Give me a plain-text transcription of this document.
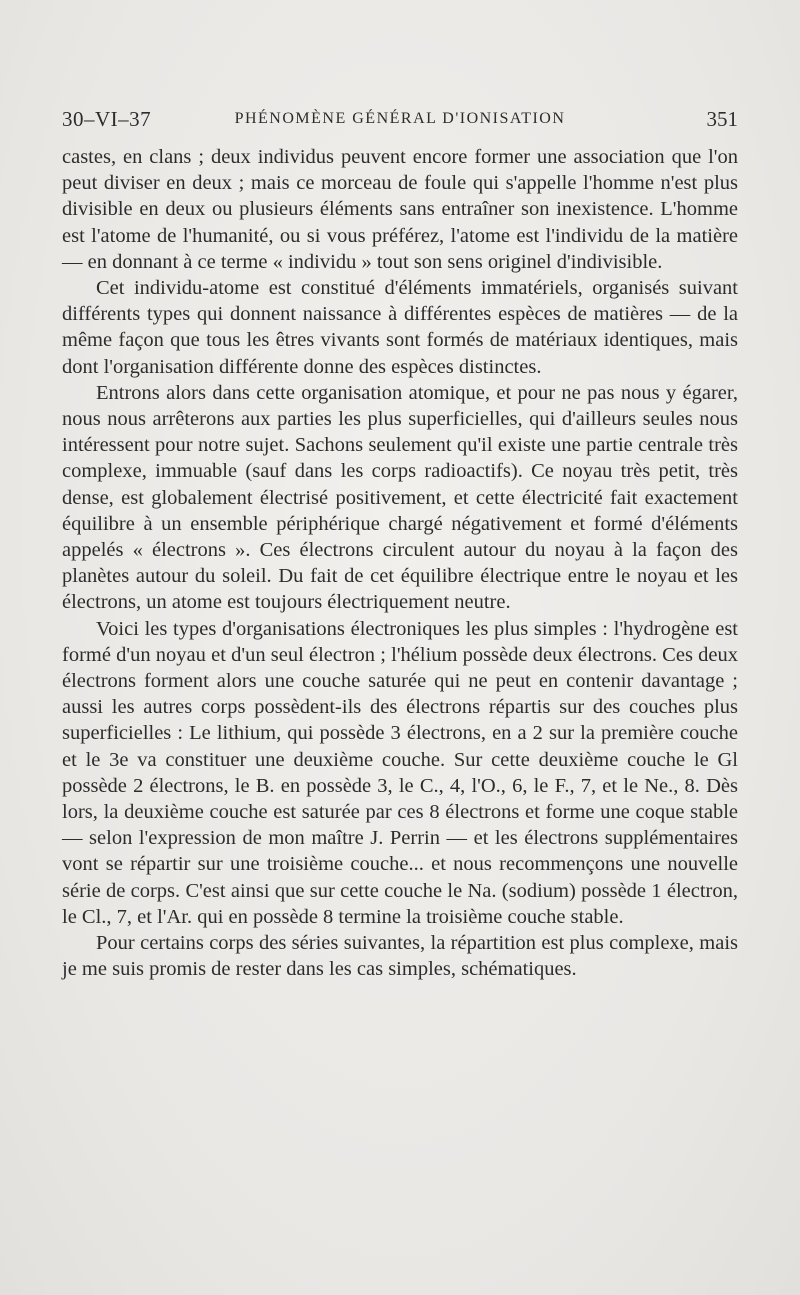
30–VI–37	PHÉNOMÈNE GÉNÉRAL D'IONISATION	351

castes, en clans ; deux individus peuvent encore former une association que l'on peut diviser en deux ; mais ce morceau de foule qui s'appelle l'homme n'est plus divisible en deux ou plusieurs éléments sans entraîner son inexistence. L'homme est l'atome de l'humanité, ou si vous préférez, l'atome est l'individu de la matière — en donnant à ce terme « individu » tout son sens originel d'indivisible.

Cet individu-atome est constitué d'éléments immatériels, organisés suivant différents types qui donnent naissance à différentes espèces de matières — de la même façon que tous les êtres vivants sont formés de matériaux identiques, mais dont l'organisation différente donne des espèces distinctes.

Entrons alors dans cette organisation atomique, et pour ne pas nous y égarer, nous nous arrêterons aux parties les plus superficielles, qui d'ailleurs seules nous intéressent pour notre sujet. Sachons seulement qu'il existe une partie centrale très complexe, immuable (sauf dans les corps radioactifs). Ce noyau très petit, très dense, est globalement électrisé positivement, et cette électricité fait exactement équilibre à un ensemble périphérique chargé négativement et formé d'éléments appelés « électrons ». Ces électrons circulent autour du noyau à la façon des planètes autour du soleil. Du fait de cet équilibre électrique entre le noyau et les électrons, un atome est toujours électriquement neutre.

Voici les types d'organisations électroniques les plus simples : l'hydrogène est formé d'un noyau et d'un seul électron ; l'hélium possède deux électrons. Ces deux électrons forment alors une couche saturée qui ne peut en contenir davantage ; aussi les autres corps possèdent-ils des électrons répartis sur des couches plus superficielles : Le lithium, qui possède 3 électrons, en a 2 sur la première couche et le 3e va constituer une deuxième couche. Sur cette deuxième couche le Gl possède 2 électrons, le B. en possède 3, le C., 4, l'O., 6, le F., 7, et le Ne., 8. Dès lors, la deuxième couche est saturée par ces 8 électrons et forme une coque stable — selon l'expression de mon maître J. Perrin — et les électrons supplémentaires vont se répartir sur une troisième couche... et nous recommençons une nouvelle série de corps. C'est ainsi que sur cette couche le Na. (sodium) possède 1 électron, le Cl., 7, et l'Ar. qui en possède 8 termine la troisième couche stable.

Pour certains corps des séries suivantes, la répartition est plus complexe, mais je me suis promis de rester dans les cas simples, schématiques.
